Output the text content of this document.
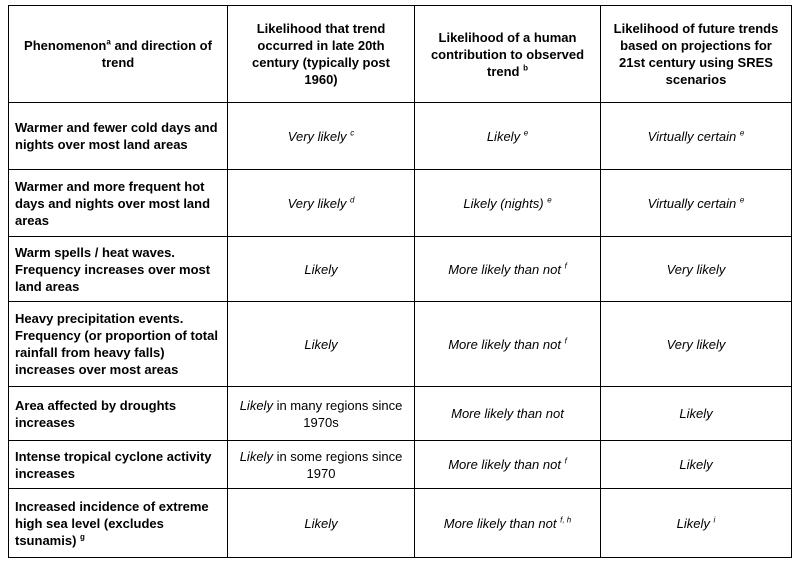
Phenomenon$^a$ and direction of trend	Likelihood that trend occurred in late 20th century (typically post 1960)	Likelihood of a human contribution to observed trend $^b$	Likelihood of future trends based on projections for 21st century using SRES scenarios
Warmer and fewer cold days and nights over most land areas	Very likely $^c$	Likely $^e$	Virtually certain $^e$
Warmer and more frequent hot days and nights over most land areas	Very likely $^d$	Likely (nights) $^e$	Virtually certain $^e$
Warm spells / heat waves. Frequency increases over most land areas	Likely	More likely than not $^f$	Very likely
Heavy precipitation events. Frequency (or proportion of total rainfall from heavy falls) increases over most areas	Likely	More likely than not $^f$	Very likely
Area affected by droughts increases	Likely in many regions since 1970s	More likely than not	Likely
Intense tropical cyclone activity increases	Likely in some regions since 1970	More likely than not $^f$	Likely
Increased incidence of extreme high sea level (excludes tsunamis) $^g$	Likely	More likely than not $^{f, h}$	Likely $^i$
